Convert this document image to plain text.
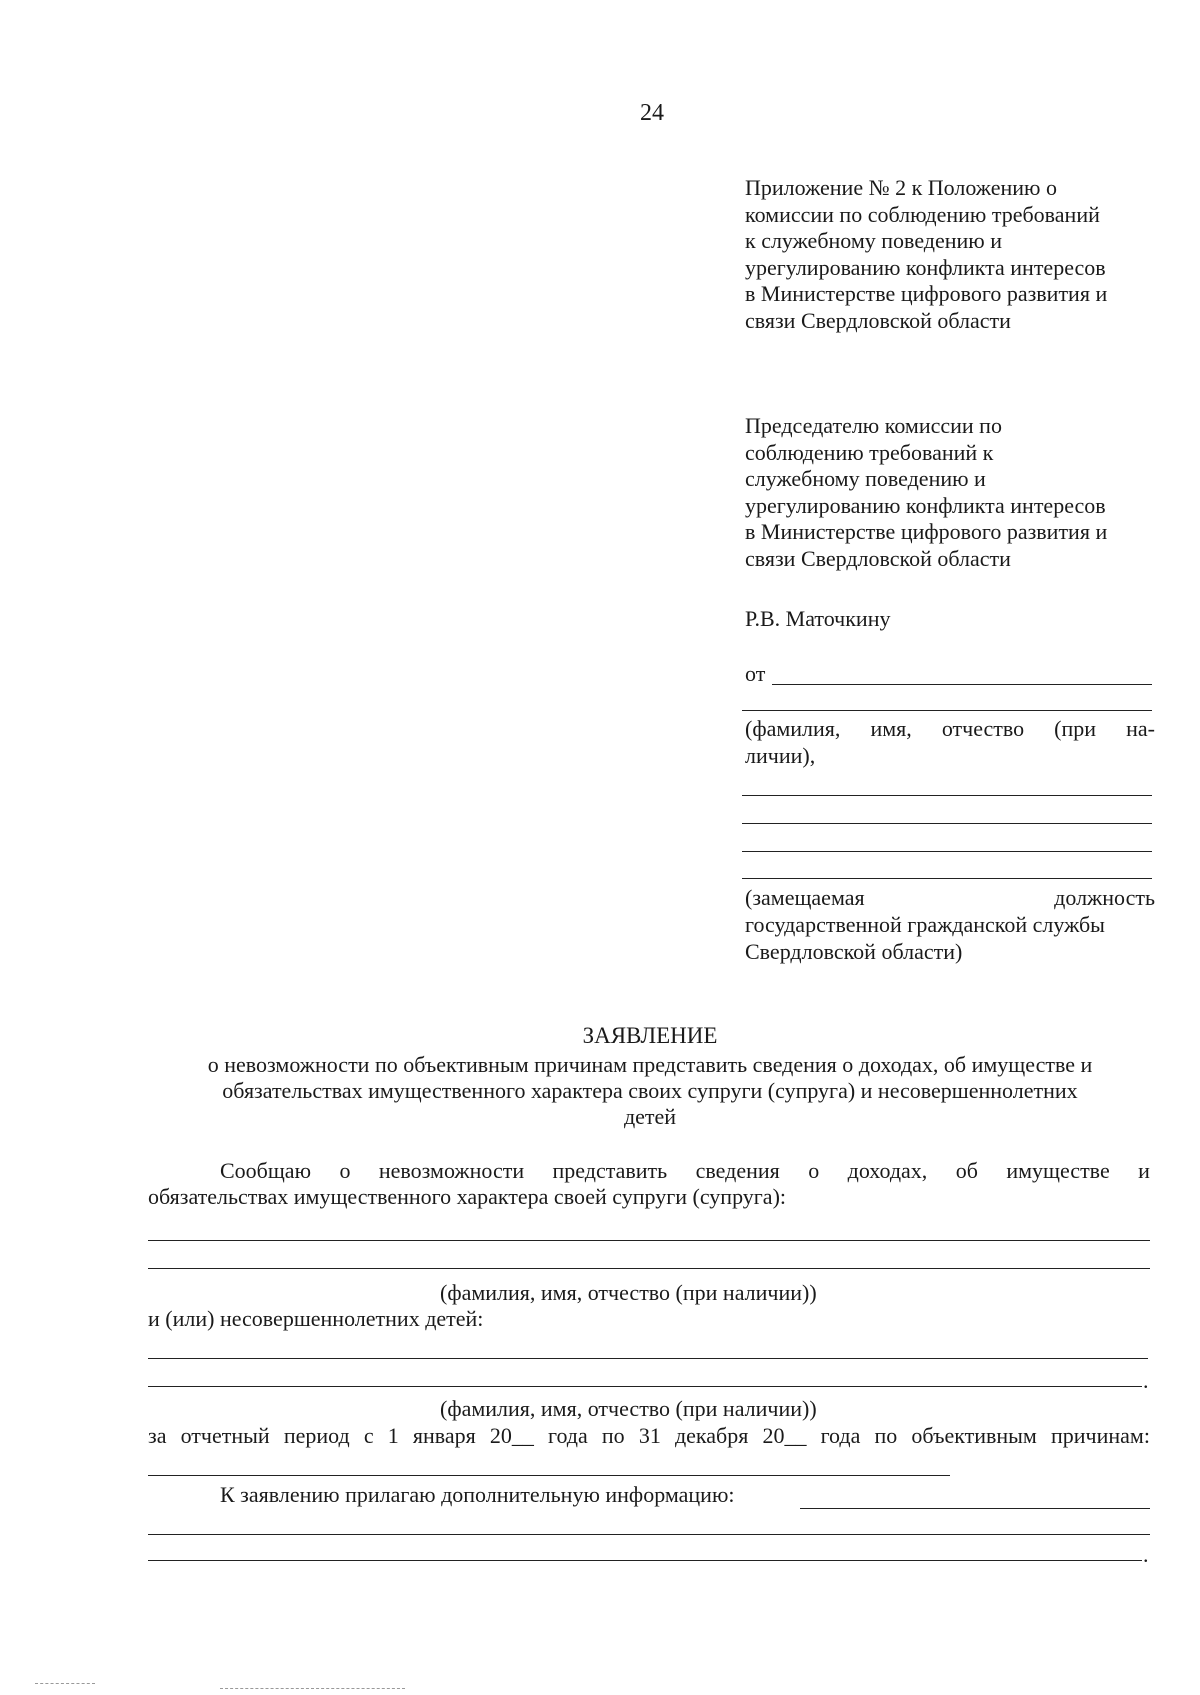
24
Приложение № 2 к Положению о
комиссии по соблюдению требований
к служебному поведению и
урегулированию конфликта интересов
в Министерстве цифрового развития и
связи Свердловской области
Председателю комиссии по
соблюдению требований к
служебному поведению и
урегулированию конфликта интересов
в Министерстве цифрового развития и
связи Свердловской области
Р.В. Маточкину
от
(фамилия, имя, отчество (при на-
личии),
(замещаемая	должность
государственной гражданской службы
Свердловской области)
ЗАЯВЛЕНИЕ
о невозможности по объективным причинам представить сведения о доходах, об имуществе и
обязательствах имущественного характера своих супруги (супруга) и несовершеннолетних
детей
Сообщаю о невозможности представить сведения о доходах, об имуществе и
обязательствах имущественного характера своей супруги (супруга):
(фамилия, имя, отчество (при наличии))
и (или) несовершеннолетних детей:
.
(фамилия, имя, отчество (при наличии))
за отчетный период с 1 января 20__ года по 31 декабря 20__ года по объективным причинам:
К заявлению прилагаю дополнительную информацию:
.
